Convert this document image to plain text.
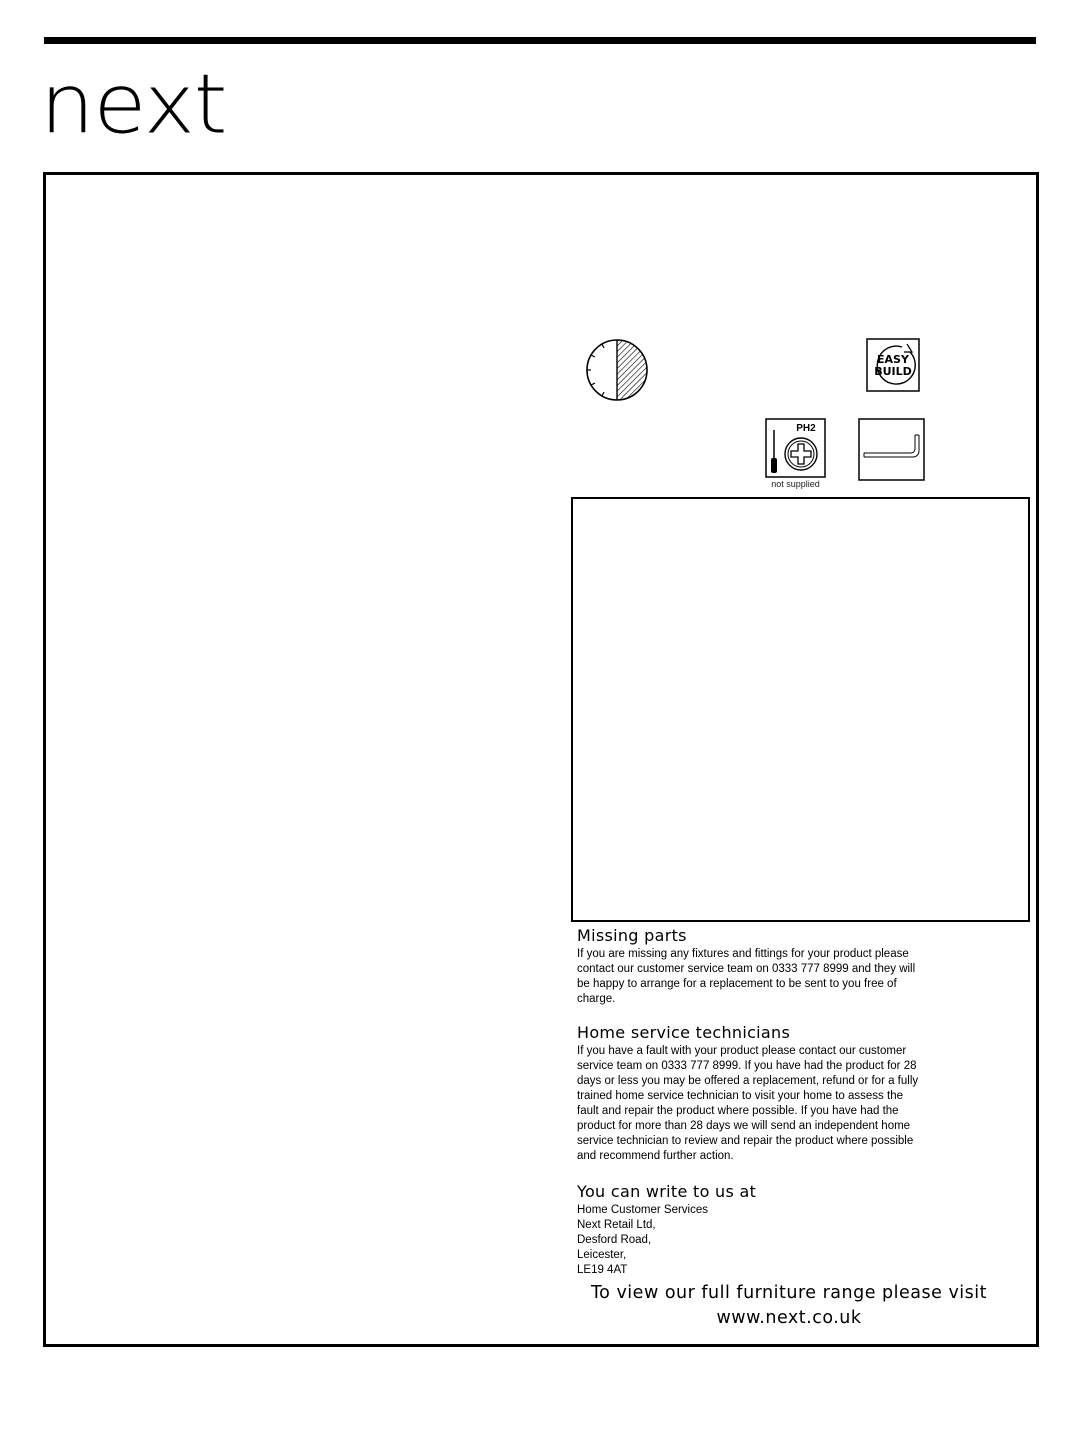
next
EASY
BUILD
PH2
not supplied
Missing parts

If you are missing any fixtures and fittings for your product please
contact our customer service team on 0333 777 8999 and they will
be happy to arrange for a replacement to be sent to you free of
charge.

Home service technicians

If you have a fault with your product please contact our customer
service team on 0333 777 8999. If you have had the product for 28
days or less you may be offered a replacement, refund or for a fully
trained home service technician to visit your home to assess the
fault and repair the product where possible. If you have had the
product for more than 28 days we will send an independent home
service technician to review and repair the product where possible
and recommend further action.

You can write to us at

Home Customer Services
Next Retail Ltd,
Desford Road,
Leicester,
LE19 4AT

To view our full furniture range please visit
www.next.co.uk
